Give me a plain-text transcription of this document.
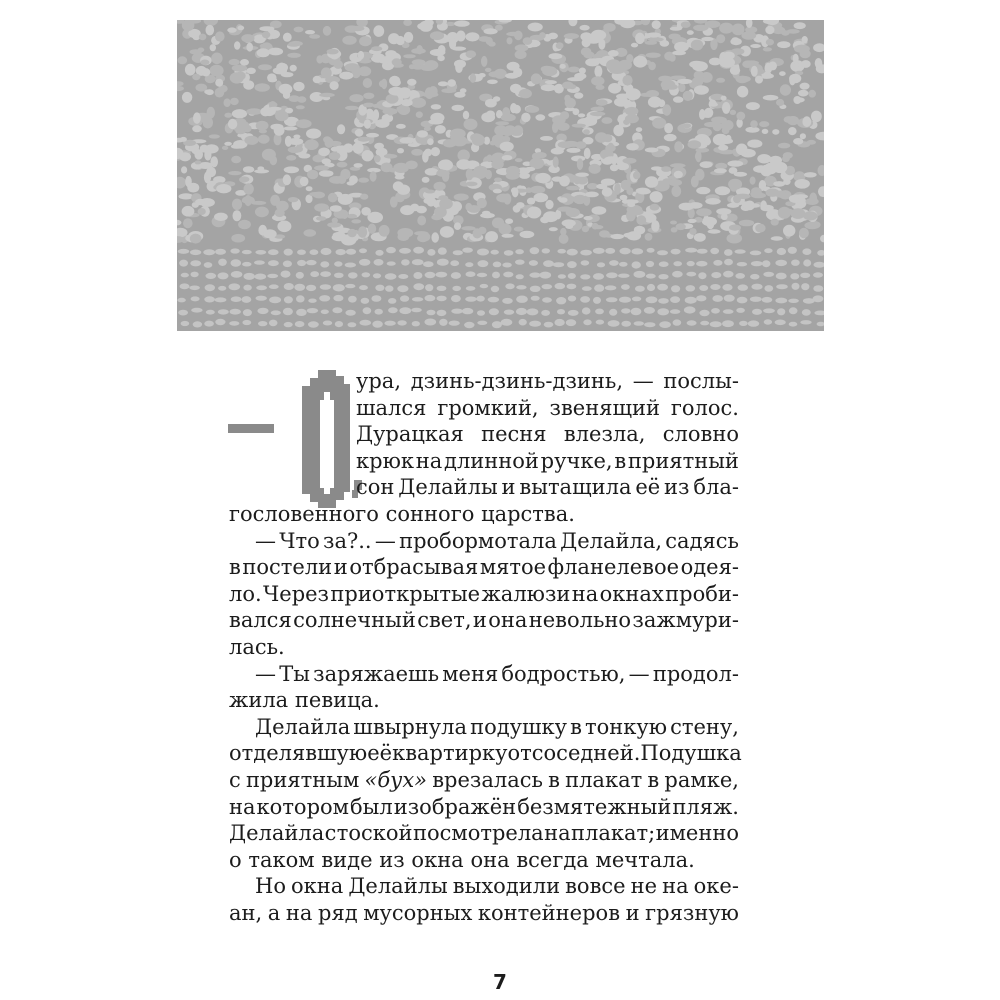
ура, дзинь-дзинь-дзинь, — послы-
шался громкий, звенящий голос.
Дурацкая песня влезла, словно
крюк на длинной ручке, в приятный
сон Делайлы и вытащила её из бла-
гословенного сонного царства.
— Что за?.. — пробормотала Делайла, садясь
в постели и отбрасывая мятое фланелевое одея-
ло. Через приоткрытые жалюзи на окнах проби-
вался солнечный свет, и она невольно зажмури-
лась.
— Ты заряжаешь меня бодростью, — продол-
жила певица.
Делайла швырнула подушку в тонкую стену,
отделявшую её квартирку от соседней. Подушка
с приятным «бух» врезалась в плакат в рамке,
на котором был изображён безмятежный пляж.
Делайла с тоской посмотрела на плакат; именно
о таком виде из окна она всегда мечтала.
Но окна Делайлы выходили вовсе не на оке-
ан, а на ряд мусорных контейнеров и грязную
7
